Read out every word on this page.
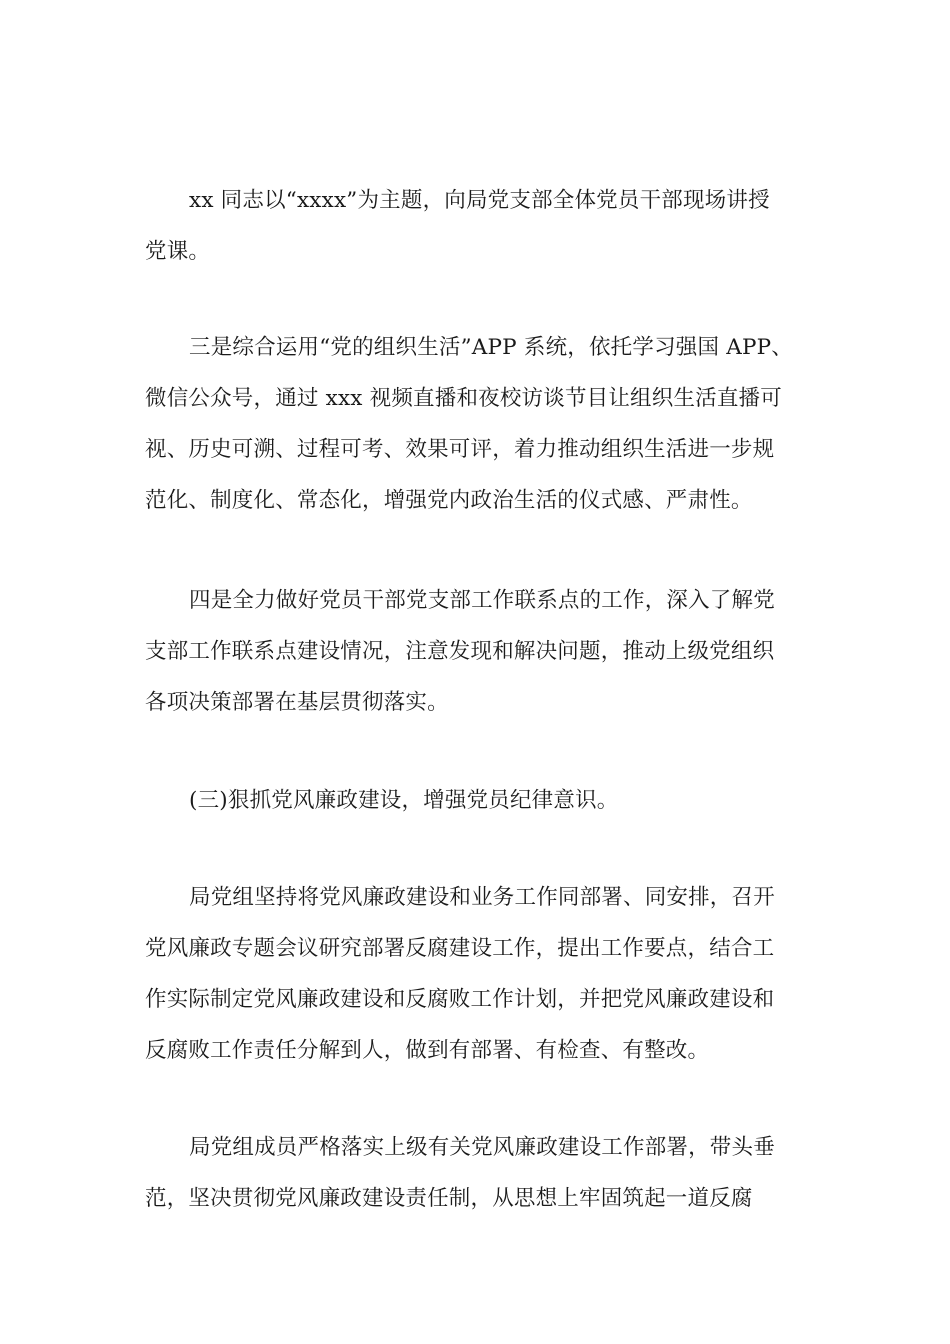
xx 同志以“xxxx”为主题，向局党支部全体党员干部现场讲授
党课。
三是综合运用“党的组织生活”APP 系统，依托学习强国 APP、
微信公众号，通过 xxx 视频直播和夜校访谈节目让组织生活直播可
视、历史可溯、过程可考、效果可评，着力推动组织生活进一步规
范化、制度化、常态化，增强党内政治生活的仪式感、严肃性。
四是全力做好党员干部党支部工作联系点的工作，深入了解党
支部工作联系点建设情况，注意发现和解决问题，推动上级党组织
各项决策部署在基层贯彻落实。
(三)狠抓党风廉政建设，增强党员纪律意识。
局党组坚持将党风廉政建设和业务工作同部署、同安排，召开
党风廉政专题会议研究部署反腐建设工作，提出工作要点，结合工
作实际制定党风廉政建设和反腐败工作计划，并把党风廉政建设和
反腐败工作责任分解到人，做到有部署、有检查、有整改。
局党组成员严格落实上级有关党风廉政建设工作部署，带头垂
范，坚决贯彻党风廉政建设责任制，从思想上牢固筑起一道反腐
